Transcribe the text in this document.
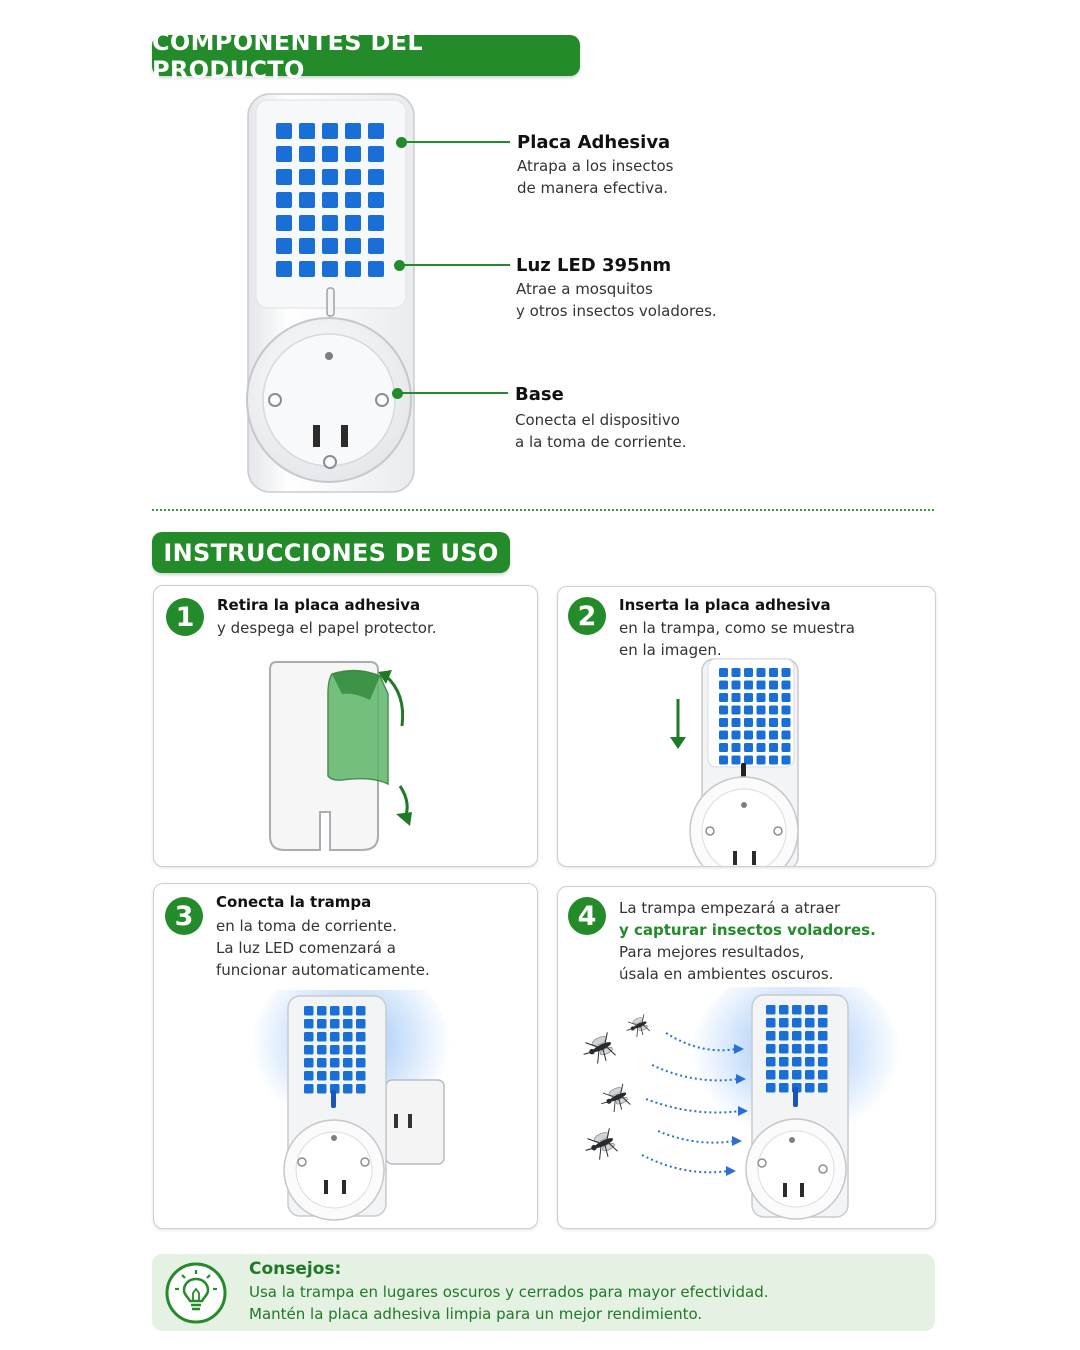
COMPONENTES DEL PRODUCTO
Placa Adhesiva
Atrapa a los insectos
de manera efectiva.
Luz LED 395nm
Atrae a mosquitos
y otros insectos voladores.
Base
Conecta el dispositivo
a la toma de corriente.
INSTRUCCIONES DE USO
1	Retira la placa adhesiva
y despega el papel protector.	2	Inserta la placa adhesiva
en la trampa, como se muestra
en la imagen.
3	Conecta la trampa
en la toma de corriente.
La luz LED comenzará a
funcionar automaticamente.
4	La trampa empezará a atraer
y capturar insectos voladores.
Para mejores resultados,
úsala en ambientes oscuros.
Consejos:
Usa la trampa en lugares oscuros y cerrados para mayor efectividad.
Mantén la placa adhesiva limpia para un mejor rendimiento.
